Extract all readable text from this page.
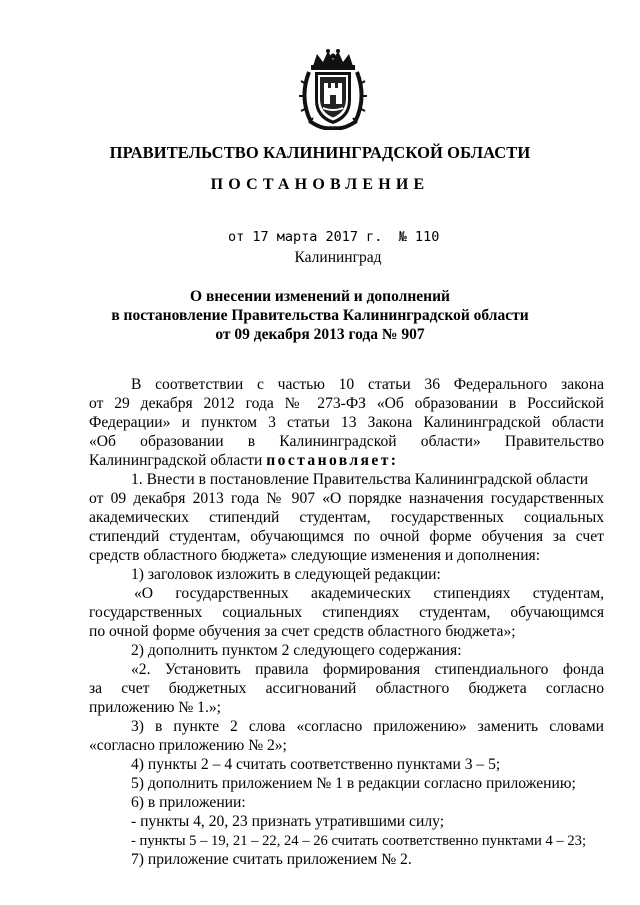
ПРАВИТЕЛЬСТВО КАЛИНИНГРАДСКОЙ ОБЛАСТИ
ПОСТАНОВЛЕНИЕ
от 17 марта 2017 г.  № 110
Калининград
О внесении изменений и дополнений
в постановление Правительства Калининградской области
от 09 декабря 2013 года № 907
В соответствии с частью 10 статьи 36 Федерального закона
от 29 декабря 2012 года № 273-ФЗ «Об образовании в Российской
Федерации» и пунктом 3 статьи 13 Закона Калининградской области
«Об образовании в Калининградской области» Правительство
Калининградской области постановляет:
1. Внести в постановление Правительства Калининградской области
от 09 декабря 2013 года № 907 «О порядке назначения государственных
академических стипендий студентам, государственных социальных
стипендий студентам, обучающимся по очной форме обучения за счет
средств областного бюджета» следующие изменения и дополнения:
1) заголовок изложить в следующей редакции:
«О государственных академических стипендиях студентам,
государственных социальных стипендиях студентам, обучающимся
по очной форме обучения за счет средств областного бюджета»;
2) дополнить пунктом 2 следующего содержания:
«2. Установить правила формирования стипендиального фонда
за счет бюджетных ассигнований областного бюджета согласно
приложению № 1.»;
3) в пункте 2 слова «согласно приложению» заменить словами
«согласно приложению № 2»;
4) пункты 2 – 4 считать соответственно пунктами 3 – 5;
5) дополнить приложением № 1 в редакции согласно приложению;
6) в приложении:
- пункты 4, 20, 23 признать утратившими силу;
- пункты 5 – 19, 21 – 22, 24 – 26 считать соответственно пунктами 4 – 23;
7) приложение считать приложением № 2.
